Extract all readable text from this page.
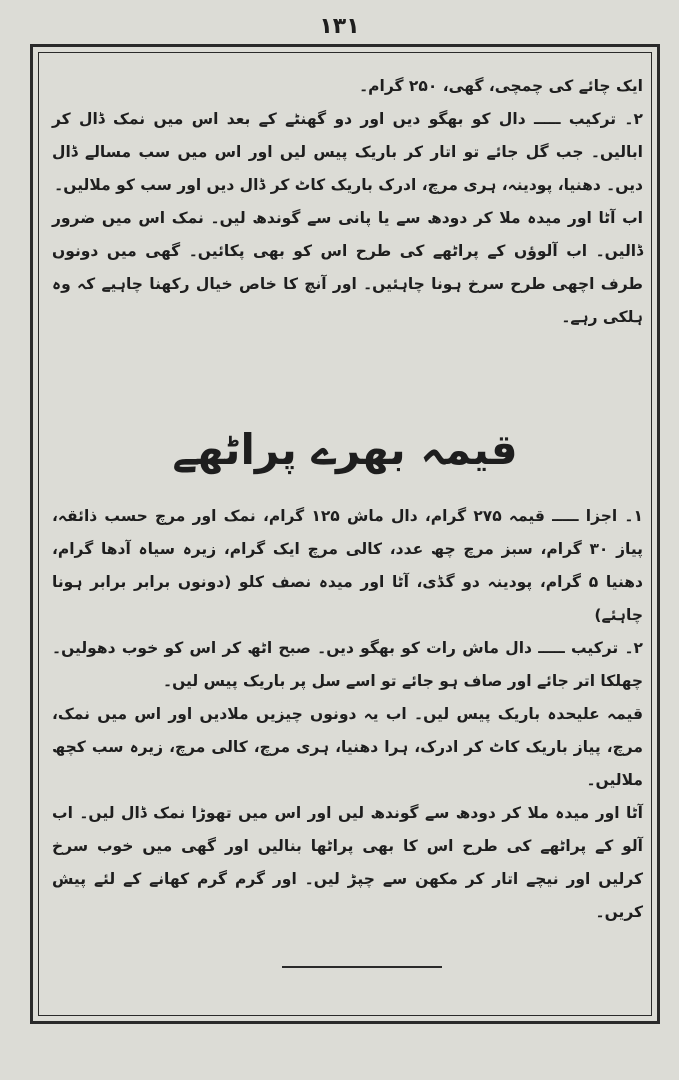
۱۳۱

ایک چائے کی چمچی، گھی، ۲۵۰ گرام۔

۲۔ ترکیب ـــــ دال کو بھگو دیں اور دو گھنٹے کے بعد اس میں نمک ڈال کر ابالیں۔ جب گل جائے تو اتار کر باریک پیس لیں اور اس میں سب مسالے ڈال دیں۔ دھنیا، پودینہ، ہری مرچ، ادرک باریک کاٹ کر ڈال دیں اور سب کو ملالیں۔

اب آٹا اور میدہ ملا کر دودھ سے یا پانی سے گوندھ لیں۔ نمک اس میں ضرور ڈالیں۔ اب آلوؤں کے پراٹھے کی طرح اس کو بھی پکائیں۔ گھی میں دونوں طرف اچھی طرح سرخ ہونا چاہئیں۔ اور آنچ کا خاص خیال رکھنا چاہیے کہ وہ ہلکی رہے۔

قیمہ بھرے پراٹھے

۱۔ اجزا ـــــ قیمہ ۲۷۵ گرام، دال ماش ۱۲۵ گرام، نمک اور مرچ حسب ذائقہ، پیاز ۳۰ گرام، سبز مرچ چھ عدد، کالی مرچ ایک گرام، زیرہ سیاہ آدھا گرام، دھنیا ۵ گرام، پودینہ دو گڈی، آٹا اور میدہ نصف کلو (دونوں برابر برابر ہونا چاہئے)

۲۔ ترکیب ـــــ دال ماش رات کو بھگو دیں۔ صبح اٹھ کر اس کو خوب دھولیں۔ چھلکا اتر جائے اور صاف ہو جائے تو اسے سل پر باریک پیس لیں۔

قیمہ علیحدہ باریک پیس لیں۔ اب یہ دونوں چیزیں ملادیں اور اس میں نمک، مرچ، پیاز باریک کاٹ کر ادرک، ہرا دھنیا، ہری مرچ، کالی مرچ، زیرہ سب کچھ ملالیں۔

آٹا اور میدہ ملا کر دودھ سے گوندھ لیں اور اس میں تھوڑا نمک ڈال لیں۔ اب آلو کے پراٹھے کی طرح اس کا بھی پراٹھا بنالیں اور گھی میں خوب سرخ کرلیں اور نیچے اتار کر مکھن سے چپڑ لیں۔ اور گرم گرم کھانے کے لئے پیش کریں۔
